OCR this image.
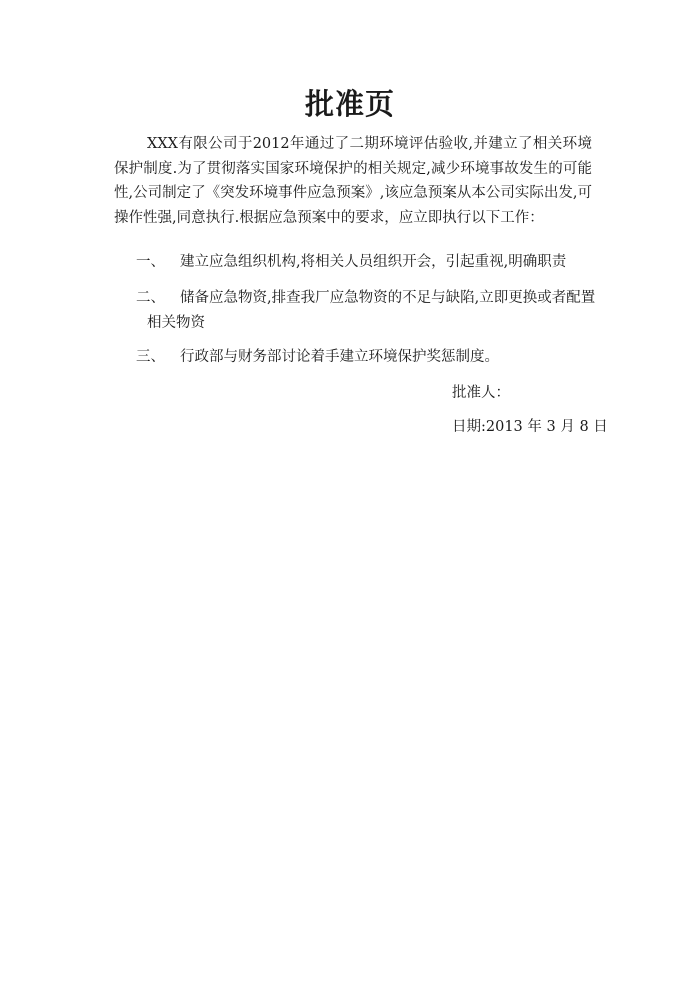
批准页

XXX有限公司于2012年通过了二期环境评估验收,并建立了相关环境保护制度.为了贯彻落实国家环境保护的相关规定,减少环境事故发生的可能性,公司制定了《突发环境事件应急预案》,该应急预案从本公司实际出发,可操作性强,同意执行.根据应急预案中的要求，应立即执行以下工作：

一、 建立应急组织机构,将相关人员组织开会，引起重视,明确职责
二、 储备应急物资,排查我厂应急物资的不足与缺陷,立即更换或者配置
相关物资
三、 行政部与财务部讨论着手建立环境保护奖惩制度。

批准人：

日期:2013 年 3 月 8 日
